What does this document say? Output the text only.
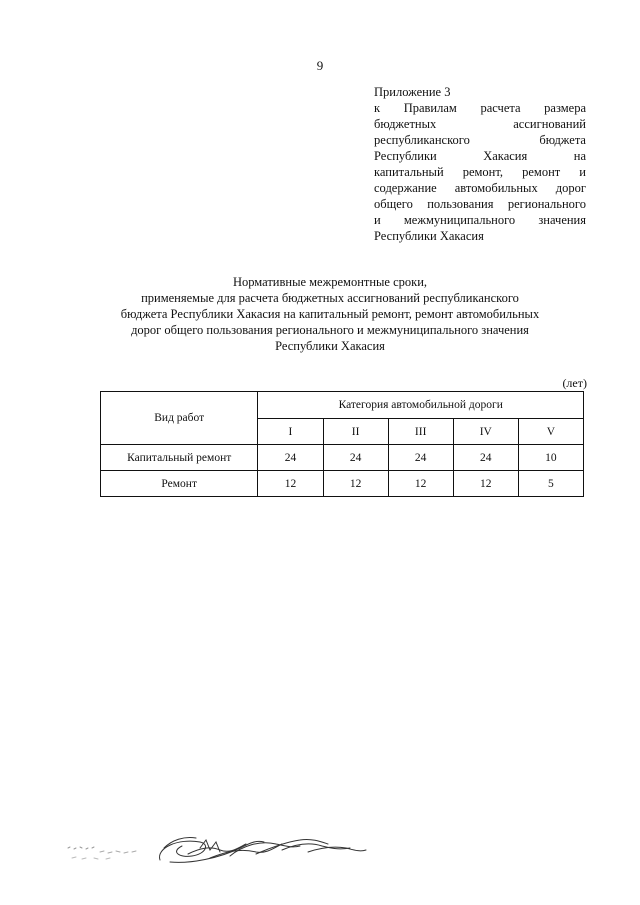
9
Приложение 3
к Правилам расчета размера
бюджетных ассигнований
республиканского бюджета
Республики Хакасия на
капитальный ремонт, ремонт и
содержание автомобильных дорог
общего пользования регионального
и межмуниципального значения
Республики Хакасия
Нормативные межремонтные сроки,
применяемые для расчета бюджетных ассигнований республиканского
бюджета Республики Хакасия на капитальный ремонт, ремонт автомобильных
дорог общего пользования регионального и межмуниципального значения
Республики Хакасия
(лет)
Вид работ	Категория автомобильной дороги				
	I	II	III	IV	V
Капитальный ремонт	24	24	24	24	10
Ремонт	12	12	12	12	5
